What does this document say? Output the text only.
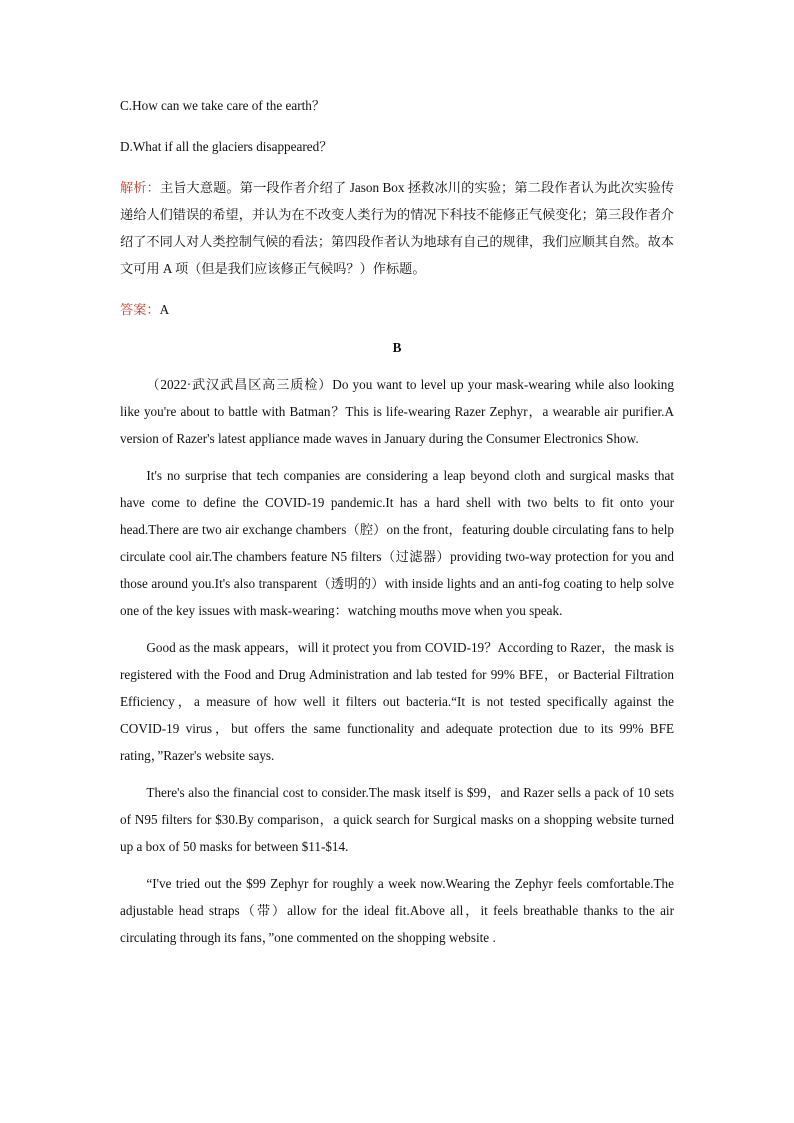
C.How can we take care of the earth？

D.What if all the glaciers disappeared？

解析：主旨大意题。第一段作者介绍了 Jason Box 拯救冰川的实验；第二段作者认为此次实验传递给人们错误的希望，并认为在不改变人类行为的情况下科技不能修正气候变化；第三段作者介绍了不同人对人类控制气候的看法；第四段作者认为地球有自己的规律，我们应顺其自然。故本文可用 A 项（但是我们应该修正气候吗？）作标题。

答案：A

B

（2022·武汉武昌区高三质检）Do you want to level up your mask-wearing while also looking like you're about to battle with Batman？This is life-wearing Razer Zephyr，a wearable air purifier.A version of Razer's latest appliance made waves in January during the Consumer Electronics Show.

It's no surprise that tech companies are considering a leap beyond cloth and surgical masks that have come to define the COVID-19 pandemic.It has a hard shell with two belts to fit onto your head.There are two air exchange chambers（腔）on the front，featuring double circulating fans to help circulate cool air.The chambers feature N5 filters（过滤器）providing two-way protection for you and those around you.It's also transparent（透明的）with inside lights and an anti-fog coating to help solve one of the key issues with mask-wearing：watching mouths move when you speak.

Good as the mask appears，will it protect you from COVID-19？According to Razer，the mask is registered with the Food and Drug Administration and lab tested for 99% BFE，or Bacterial Filtration Efficiency，a measure of how well it filters out bacteria.“It is not tested specifically against the COVID-19 virus，but offers the same functionality and adequate protection due to its 99% BFE rating，”Razer's website says.

There's also the financial cost to consider.The mask itself is $99，and Razer sells a pack of 10 sets of N95 filters for $30.By comparison，a quick search for Surgical masks on a shopping website turned up a box of 50 masks for between $11-$14.

“I've tried out the $99 Zephyr for roughly a week now.Wearing the Zephyr feels comfortable.The adjustable head straps（带）allow for the ideal fit.Above all，it feels breathable thanks to the air circulating through its fans，”one commented on the shopping website .
